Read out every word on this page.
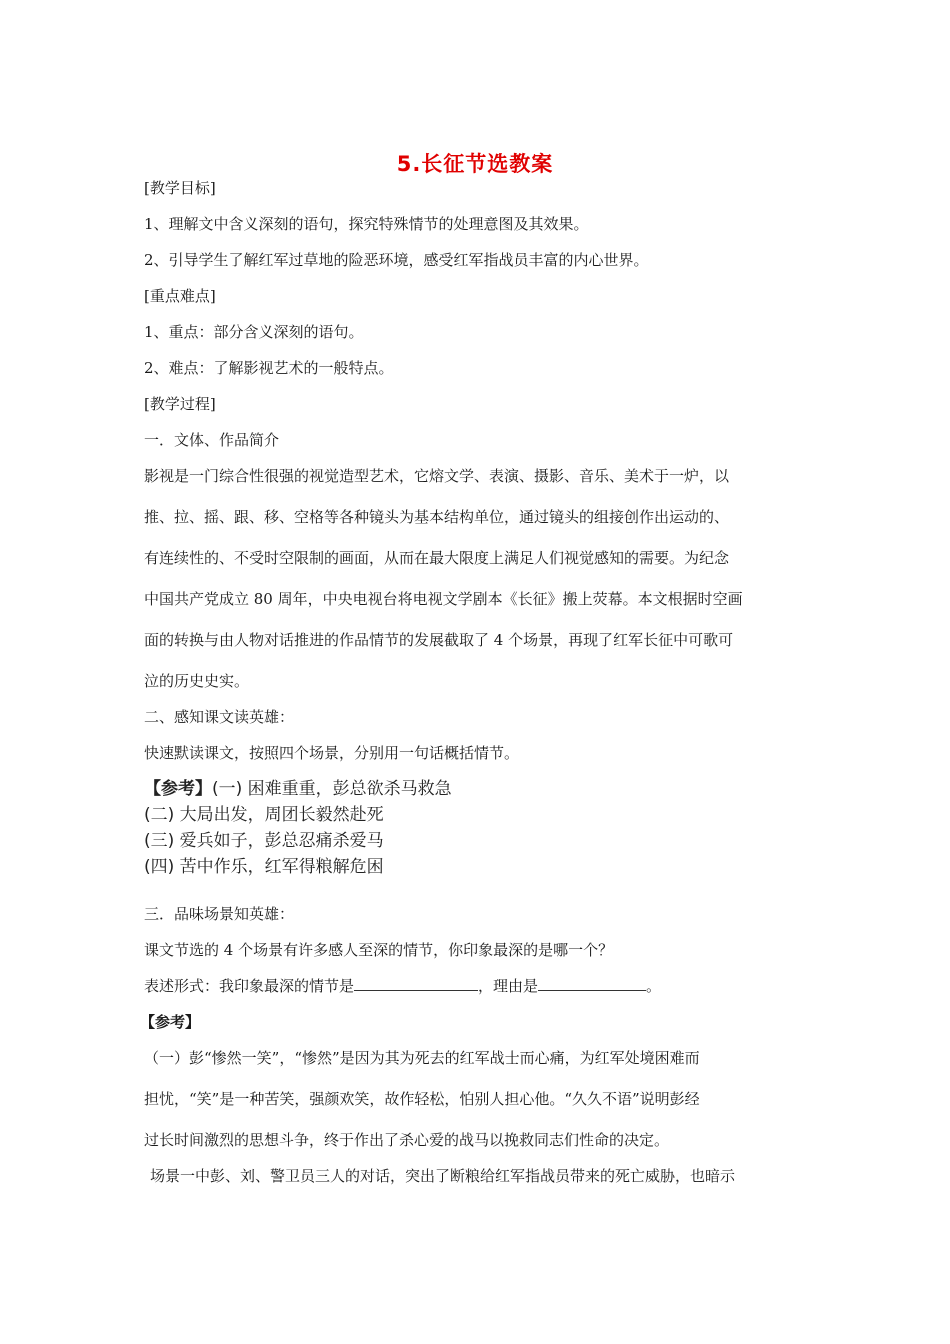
5.长征节选教案
[教学目标]
1、理解文中含义深刻的语句，探究特殊情节的处理意图及其效果。
2、引导学生了解红军过草地的险恶环境，感受红军指战员丰富的内心世界。
[重点难点]
1、重点：部分含义深刻的语句。
2、难点：了解影视艺术的一般特点。
[教学过程]
一．文体、作品简介
影视是一门综合性很强的视觉造型艺术，它熔文学、表演、摄影、音乐、美术于一炉，以
推、拉、摇、跟、移、空格等各种镜头为基本结构单位，通过镜头的组接创作出运动的、
有连续性的、不受时空限制的画面，从而在最大限度上满足人们视觉感知的需要。为纪念
中国共产党成立 80 周年，中央电视台将电视文学剧本《长征》搬上荧幕。本文根据时空画
面的转换与由人物对话推进的作品情节的发展截取了 4 个场景，再现了红军长征中可歌可
泣的历史史实。
二、感知课文读英雄：
快速默读课文，按照四个场景，分别用一句话概括情节。
【参考】(一) 困难重重，彭总欲杀马救急
(二) 大局出发，周团长毅然赴死
(三) 爱兵如子，彭总忍痛杀爱马
(四) 苦中作乐，红军得粮解危困
三．品味场景知英雄：
课文节选的 4 个场景有许多感人至深的情节，你印象最深的是哪一个？
表述形式：我印象最深的情节是	，理由是	。
【参考】
（一）彭“惨然一笑”，“惨然”是因为其为死去的红军战士而心痛，为红军处境困难而
担忧，“笑”是一种苦笑，强颜欢笑，故作轻松，怕别人担心他。“久久不语”说明彭经
过长时间激烈的思想斗争，终于作出了杀心爱的战马以挽救同志们性命的决定。
场景一中彭、刘、警卫员三人的对话，突出了断粮给红军指战员带来的死亡威胁，也暗示
